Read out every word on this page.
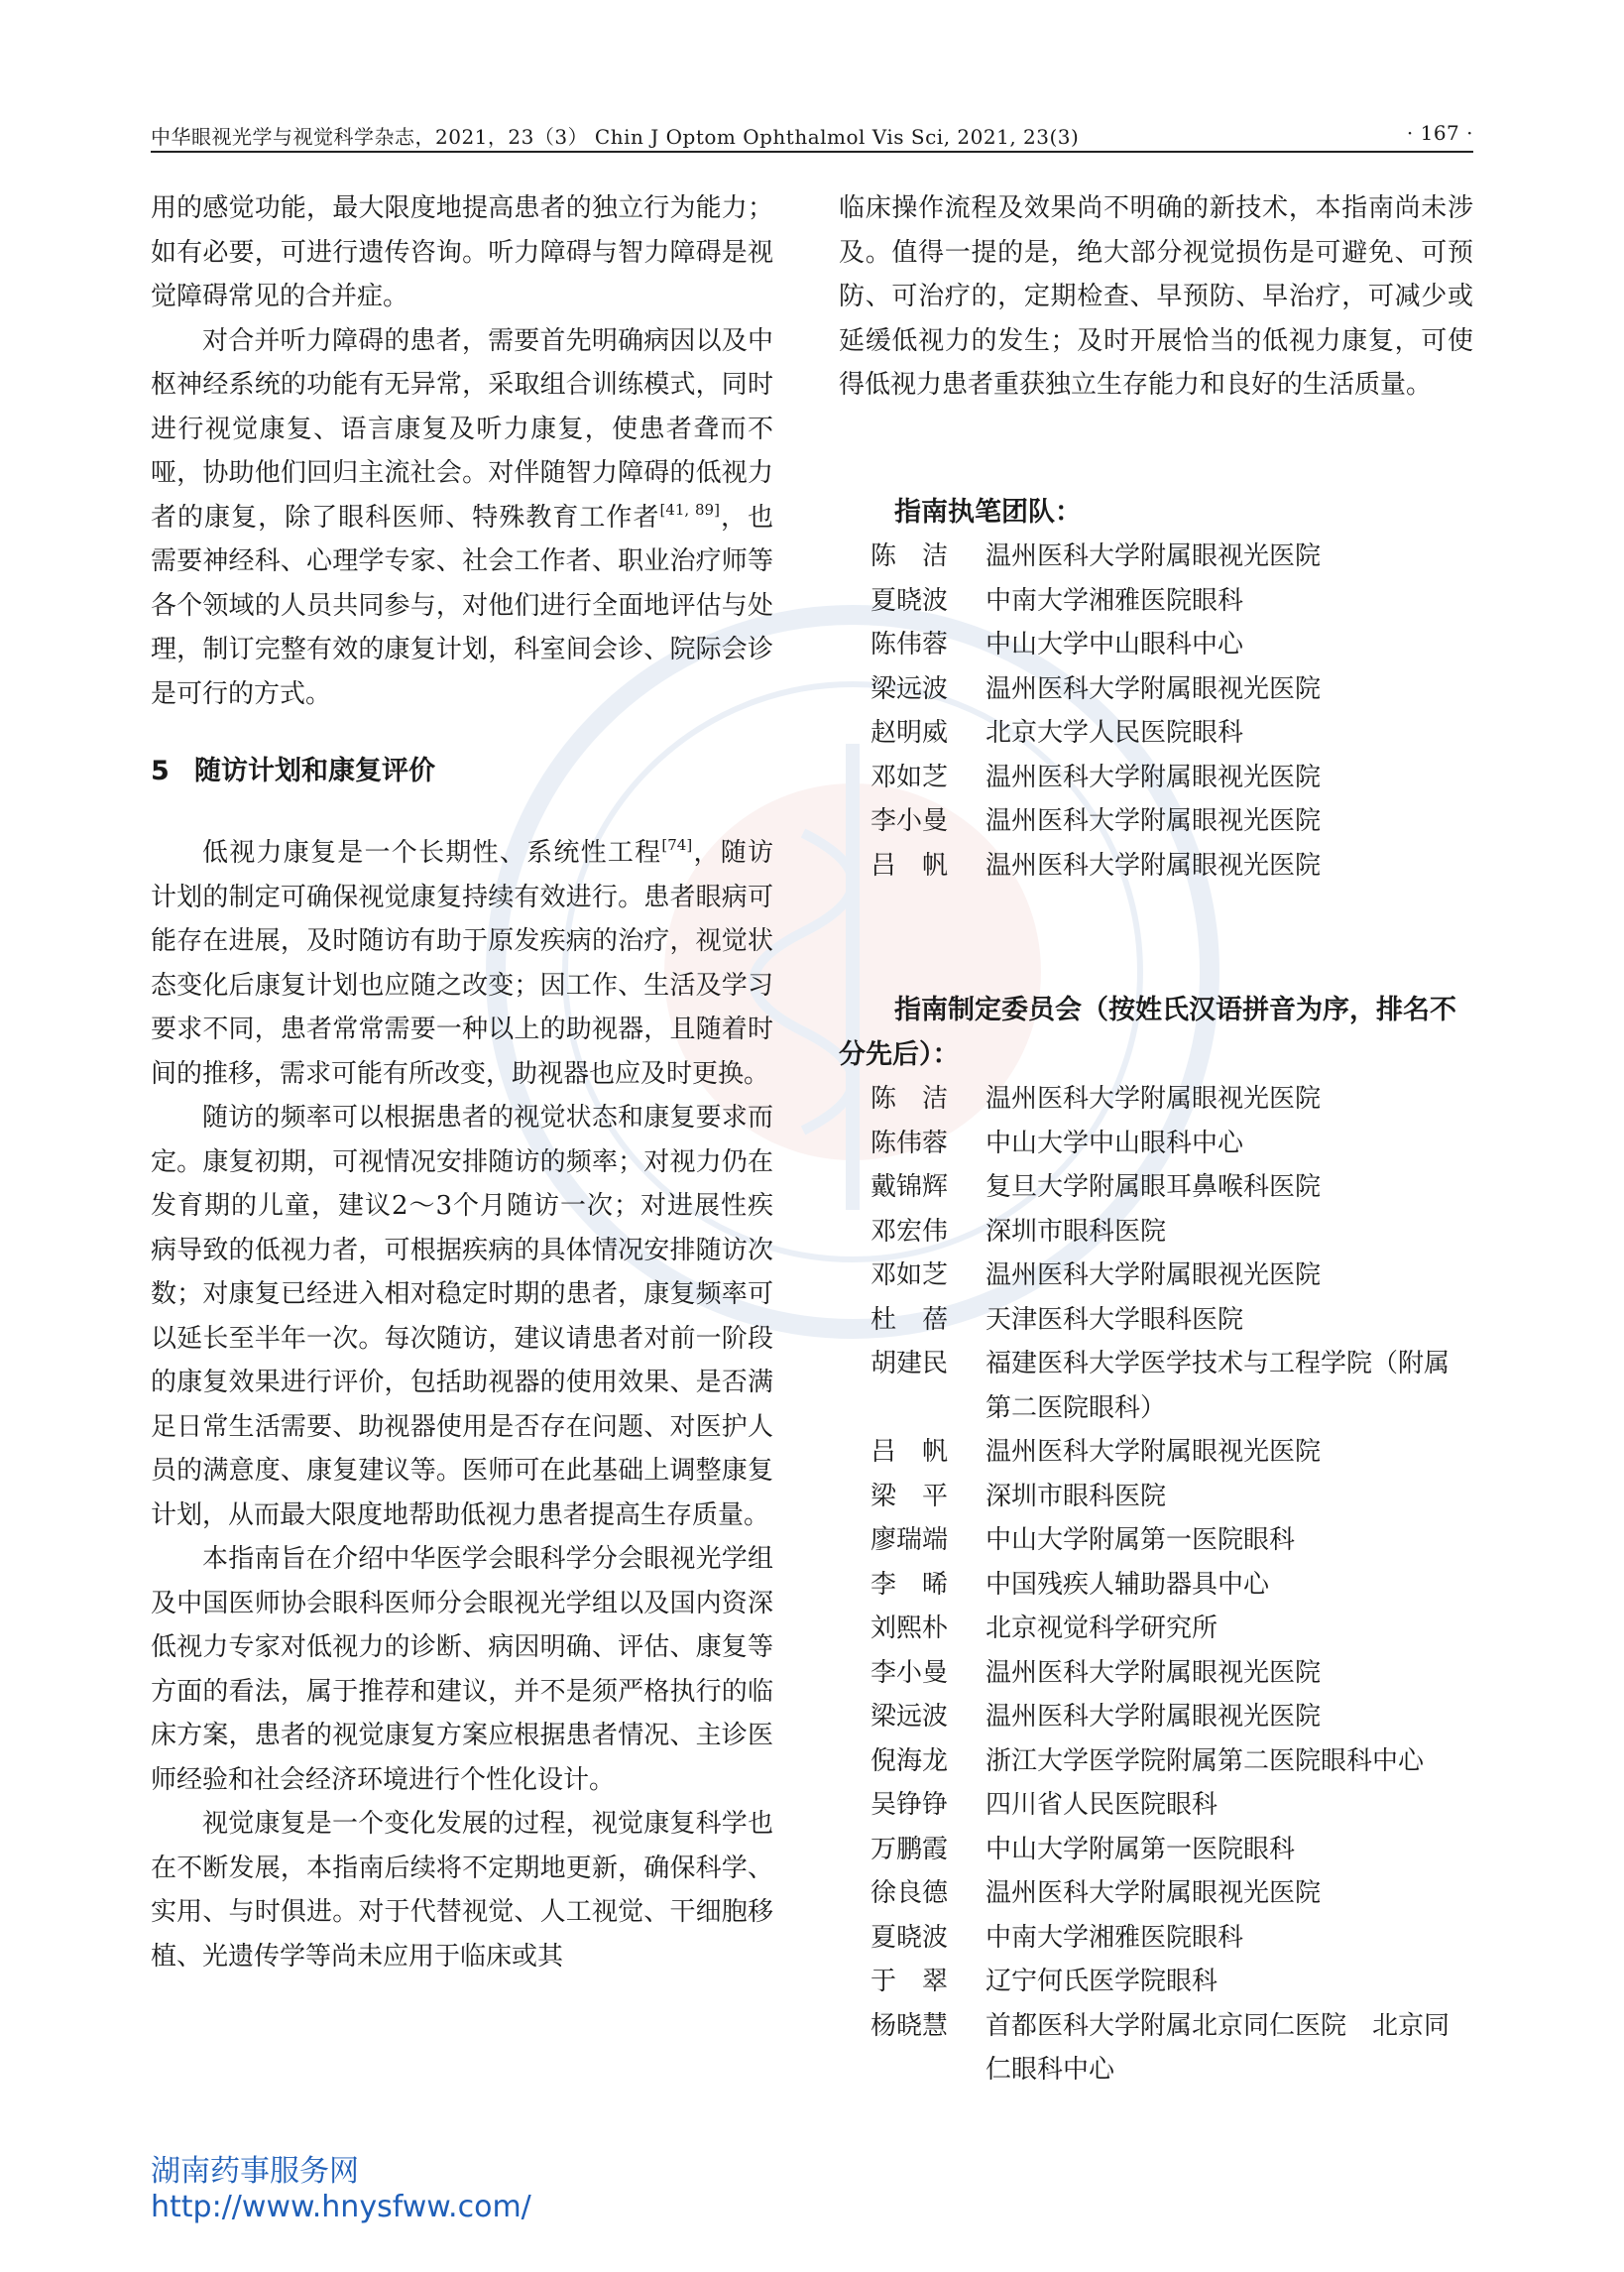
中华眼视光学与视觉科学杂志，2021，23（3） Chin J Optom Ophthalmol Vis Sci, 2021, 23(3)	· 167 ·

用的感觉功能，最大限度地提高患者的独立行为能力；如有必要，可进行遗传咨询。听力障碍与智力障碍是视觉障碍常见的合并症。

对合并听力障碍的患者，需要首先明确病因以及中枢神经系统的功能有无异常，采取组合训练模式，同时进行视觉康复、语言康复及听力康复，使患者聋而不哑，协助他们回归主流社会。对伴随智力障碍的低视力者的康复，除了眼科医师、特殊教育工作者[41, 89]，也需要神经科、心理学专家、社会工作者、职业治疗师等各个领域的人员共同参与，对他们进行全面地评估与处理，制订完整有效的康复计划，科室间会诊、院际会诊是可行的方式。

5 随访计划和康复评价

低视力康复是一个长期性、系统性工程[74]，随访计划的制定可确保视觉康复持续有效进行。患者眼病可能存在进展，及时随访有助于原发疾病的治疗，视觉状态变化后康复计划也应随之改变；因工作、生活及学习要求不同，患者常常需要一种以上的助视器，且随着时间的推移，需求可能有所改变，助视器也应及时更换。

随访的频率可以根据患者的视觉状态和康复要求而定。康复初期，可视情况安排随访的频率；对视力仍在发育期的儿童，建议2～3个月随访一次；对进展性疾病导致的低视力者，可根据疾病的具体情况安排随访次数；对康复已经进入相对稳定时期的患者，康复频率可以延长至半年一次。每次随访，建议请患者对前一阶段的康复效果进行评价，包括助视器的使用效果、是否满足日常生活需要、助视器使用是否存在问题、对医护人员的满意度、康复建议等。医师可在此基础上调整康复计划，从而最大限度地帮助低视力患者提高生存质量。

本指南旨在介绍中华医学会眼科学分会眼视光学组及中国医师协会眼科医师分会眼视光学组以及国内资深低视力专家对低视力的诊断、病因明确、评估、康复等方面的看法，属于推荐和建议，并不是须严格执行的临床方案，患者的视觉康复方案应根据患者情况、主诊医师经验和社会经济环境进行个性化设计。

视觉康复是一个变化发展的过程，视觉康复科学也在不断发展，本指南后续将不定期地更新，确保科学、实用、与时俱进。对于代替视觉、人工视觉、干细胞移植、光遗传学等尚未应用于临床或其

临床操作流程及效果尚不明确的新技术，本指南尚未涉及。值得一提的是，绝大部分视觉损伤是可避免、可预防、可治疗的，定期检查、早预防、早治疗，可减少或延缓低视力的发生；及时开展恰当的低视力康复，可使得低视力患者重获独立生存能力和良好的生活质量。

指南执笔团队：
陈　洁	温州医科大学附属眼视光医院
夏晓波	中南大学湘雅医院眼科
陈伟蓉	中山大学中山眼科中心
梁远波	温州医科大学附属眼视光医院
赵明威	北京大学人民医院眼科
邓如芝	温州医科大学附属眼视光医院
李小曼	温州医科大学附属眼视光医院
吕　帆	温州医科大学附属眼视光医院
指南制定委员会（按姓氏汉语拼音为序，排名不分先后）：
陈　洁	温州医科大学附属眼视光医院
陈伟蓉	中山大学中山眼科中心
戴锦辉	复旦大学附属眼耳鼻喉科医院
邓宏伟	深圳市眼科医院
邓如芝	温州医科大学附属眼视光医院
杜　蓓	天津医科大学眼科医院
胡建民	福建医科大学医学技术与工程学院（附属第二医院眼科）
吕　帆	温州医科大学附属眼视光医院
梁　平	深圳市眼科医院
廖瑞端	中山大学附属第一医院眼科
李　晞	中国残疾人辅助器具中心
刘熙朴	北京视觉科学研究所
李小曼	温州医科大学附属眼视光医院
梁远波	温州医科大学附属眼视光医院
倪海龙	浙江大学医学院附属第二医院眼科中心
吴铮铮	四川省人民医院眼科
万鹏霞	中山大学附属第一医院眼科
徐良德	温州医科大学附属眼视光医院
夏晓波	中南大学湘雅医院眼科
于　翠	辽宁何氏医学院眼科
杨晓慧	首都医科大学附属北京同仁医院　北京同仁眼科中心
湖南药事服务网
http://www.hnysfww.com/
